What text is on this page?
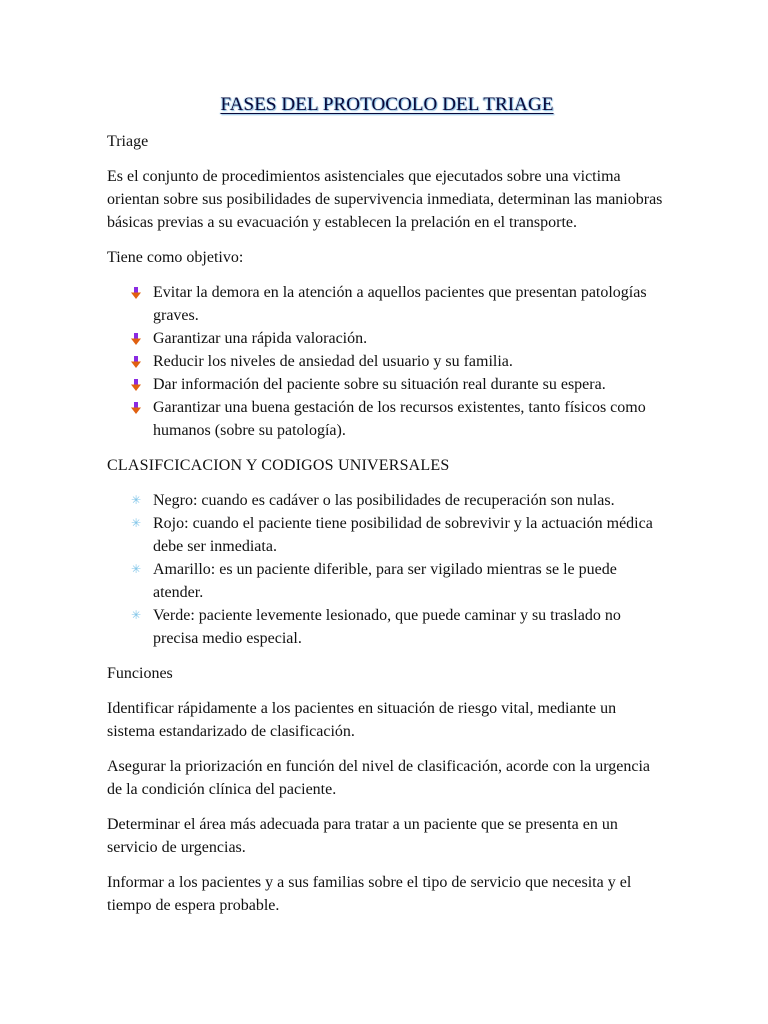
FASES DEL PROTOCOLO DEL TRIAGE

Triage

Es el conjunto de procedimientos asistenciales que ejecutados sobre una victima orientan sobre sus posibilidades de supervivencia inmediata, determinan las maniobras básicas previas a su evacuación y establecen la prelación en el transporte.

Tiene como objetivo:

Evitar la demora en la atención a aquellos pacientes que presentan patologías graves.
Garantizar una rápida valoración.
Reducir los niveles de ansiedad del usuario y su familia.
Dar información del paciente sobre su situación real durante su espera.
Garantizar una buena gestación de los recursos existentes, tanto físicos como humanos (sobre su patología).

CLASIFCICACION Y CODIGOS UNIVERSALES

✳ Negro: cuando es cadáver o las posibilidades de recuperación son nulas.
✳ Rojo: cuando el paciente tiene posibilidad de sobrevivir y la actuación médica debe ser inmediata.
✳ Amarillo: es un paciente diferible, para ser vigilado mientras se le puede atender.
✳ Verde: paciente levemente lesionado, que puede caminar y su traslado no precisa medio especial.

Funciones

Identificar rápidamente a los pacientes en situación de riesgo vital, mediante un sistema estandarizado de clasificación.

Asegurar la priorización en función del nivel de clasificación, acorde con la urgencia de la condición clínica del paciente.

Determinar el área más adecuada para tratar a un paciente que se presenta en un servicio de urgencias.

Informar a los pacientes y a sus familias sobre el tipo de servicio que necesita y el tiempo de espera probable.
